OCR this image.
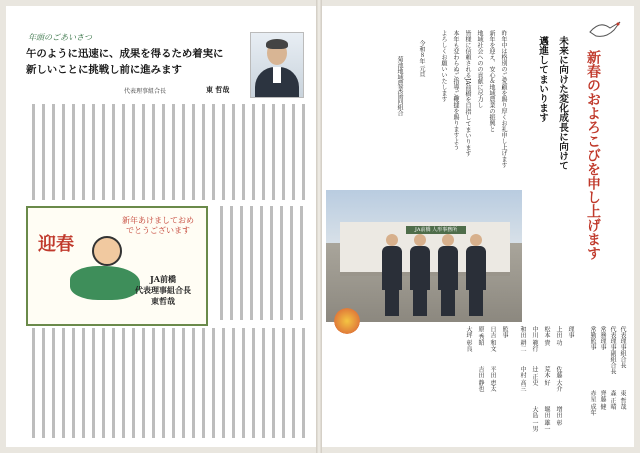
年頭のごあいさつ
午のように迅速に、成果を得るため着実に
新しいことに挑戦し前に進みます
代表理事組合長	東 哲哉
新年あけましておめでとうございます
迎春
JA前橋
代表理事組合長
東哲哉
新春のおよろこびを申し上げます
未来に向けた変化成長に向けて
邁進してまいります
昨年中は格別のご愛顧を賜り厚くお礼申し上げます
新年を迎え、安心＆地域農業の振興と
地域社会へのの貢献に尽力し
皆様に信頼されるJA前橋を目指してまいります
本年も変わらぬご指導ご鞭撻を賜りますよう
よろしくお願いいたします
令和８年 元旦
菊池地域農業協同組合
JA前橋 人形事務所
代表理事組合長
東 哲哉
代表理事副組合長
森 正晴
常務理事
齊藤 健
常勤監事
赤星 成年
理事
上田 功
佐藤 大介
増田 彰
松本 貴
荒木 好
堀田 雄一
中川 範行
辻 正史
大島 一男
和田 耕二
中村 高三
監事
日吉 和文
平田 恵太
原 秀昭
吉田 静也
大坪 彰良
